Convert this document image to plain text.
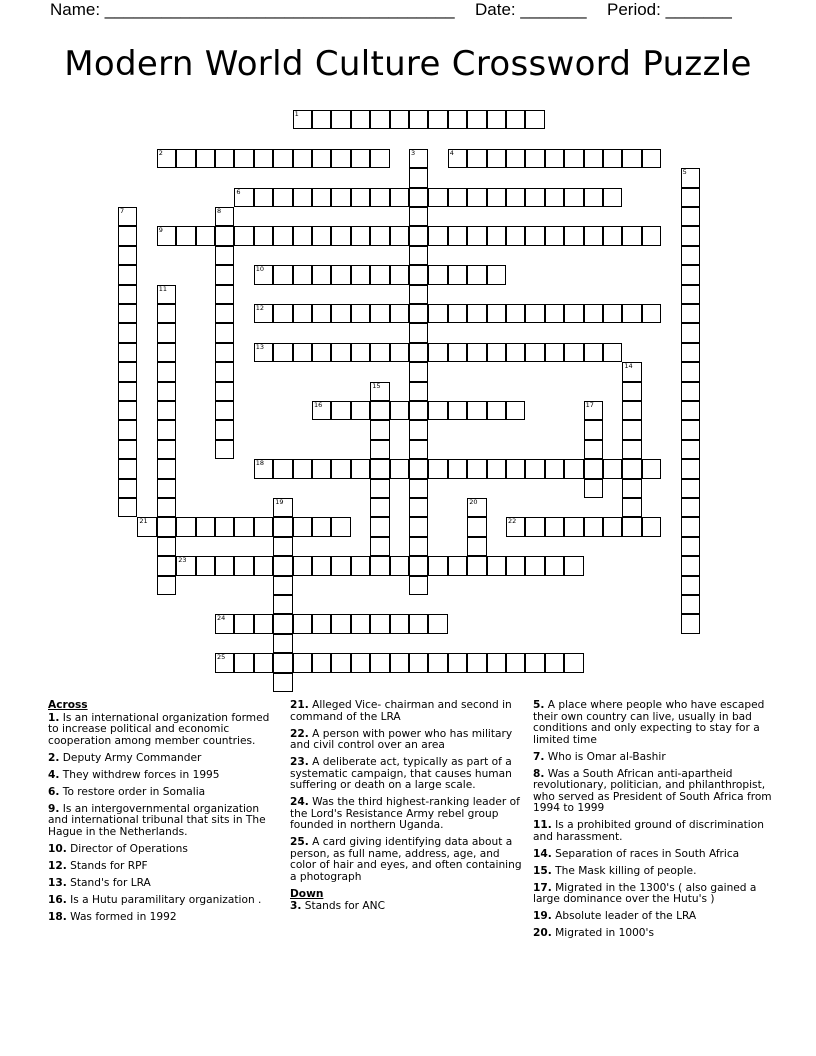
Name: _____________________________________ Date: _______ Period: _______
Modern World Culture Crossword Puzzle
1
2	3	4
5
6
7	8
9
10
11
12
13
14
15
16	17
18
19	20
21	22
23
24
25
Across
1. Is an international organization formed to increase political and economic cooperation among member countries.
2. Deputy Army Commander
4. They withdrew forces in 1995
6. To restore order in Somalia
9. Is an intergovernmental organization and international tribunal that sits in The Hague in the Netherlands.
10. Director of Operations
12. Stands for RPF
13. Stand's for LRA
16. Is a Hutu paramilitary organization .
18. Was formed in 1992
21. Alleged Vice- chairman and second in command of the LRA
22. A person with power who has military and civil control over an area
23. A deliberate act, typically as part of a systematic campaign, that causes human suffering or death on a large scale.
24. Was the third highest-ranking leader of the Lord's Resistance Army rebel group founded in northern Uganda.
25. A card giving identifying data about a person, as full name, address, age, and color of hair and eyes, and often containing a photograph
Down
3. Stands for ANC
5. A place where people who have escaped their own country can live, usually in bad conditions and only expecting to stay for a limited time
7. Who is Omar al-Bashir
8. Was a South African anti-apartheid revolutionary, politician, and philanthropist, who served as President of South Africa from 1994 to 1999
11. Is a prohibited ground of discrimination and harassment.
14. Separation of races in South Africa
15. The Mask killing of people.
17. Migrated in the 1300's ( also gained a large dominance over the Hutu's )
19. Absolute leader of the LRA
20. Migrated in 1000's
